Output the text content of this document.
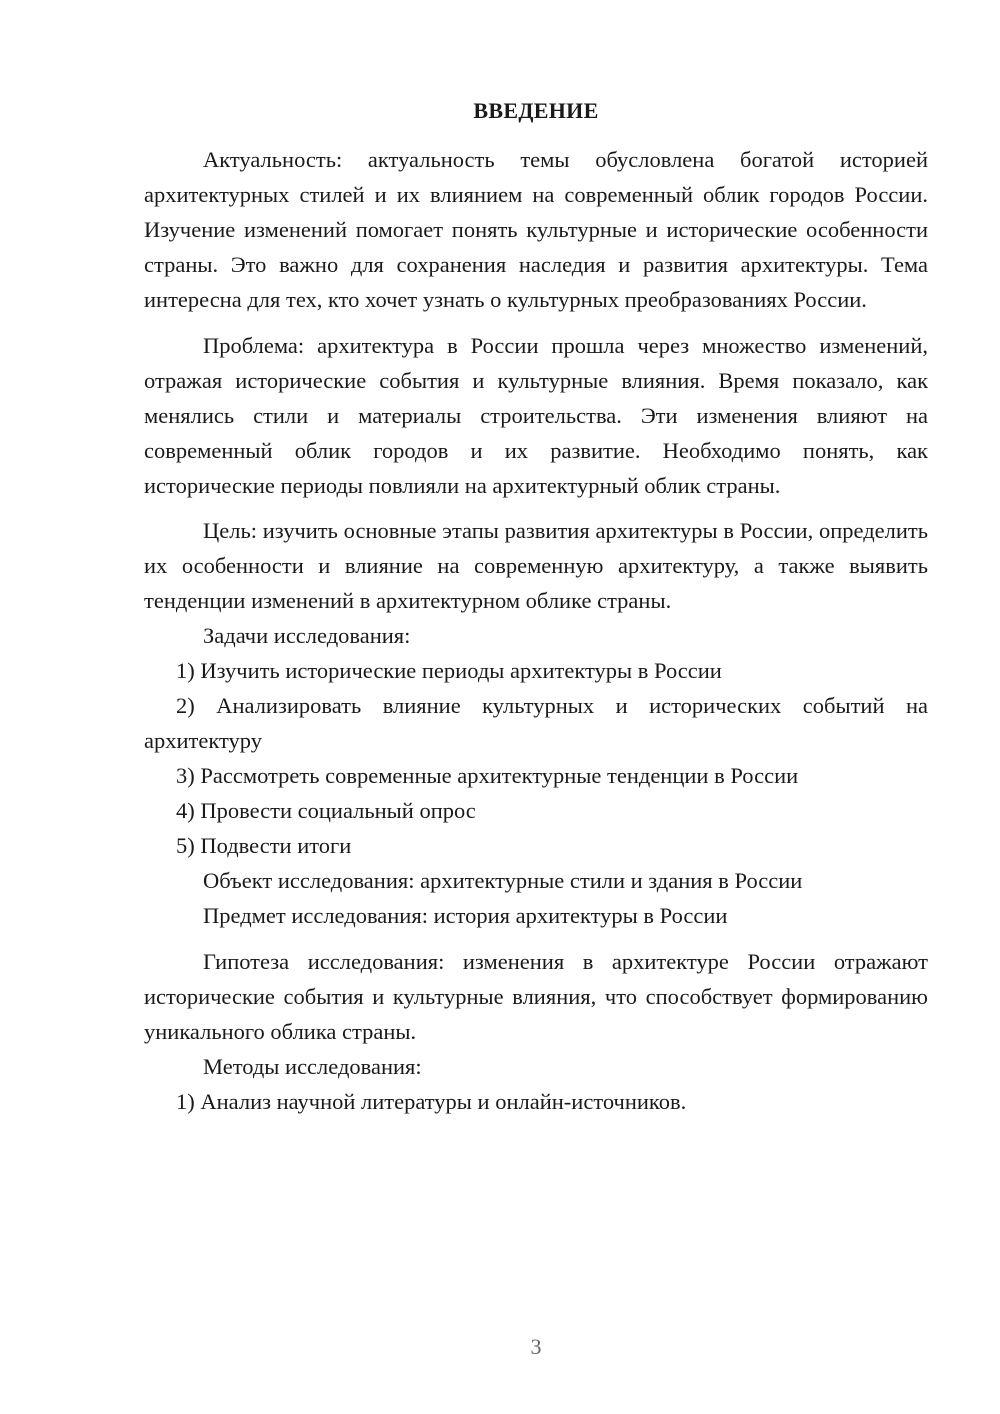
ВВЕДЕНИЕ

Актуальность: актуальность темы обусловлена богатой историей архитектурных стилей и их влиянием на современный облик городов России. Изучение изменений помогает понять культурные и исторические особенности страны. Это важно для сохранения наследия и развития архитектуры. Тема интересна для тех, кто хочет узнать о культурных преобразованиях России.

Проблема: архитектура в России прошла через множество изменений, отражая исторические события и культурные влияния. Время показало, как менялись стили и материалы строительства. Эти изменения влияют на современный облик городов и их развитие. Необходимо понять, как исторические периоды повлияли на архитектурный облик страны.

Цель: изучить основные этапы развития архитектуры в России, определить их особенности и влияние на современную архитектуру, а также выявить тенденции изменений в архитектурном облике страны.

Задачи исследования:

1) Изучить исторические периоды архитектуры в России

2) Анализировать влияние культурных и исторических событий на архитектуру

3) Рассмотреть современные архитектурные тенденции в России

4) Провести социальный опрос

5) Подвести итоги

Объект исследования: архитектурные стили и здания в России

Предмет исследования: история архитектуры в России

Гипотеза исследования: изменения в архитектуре России отражают исторические события и культурные влияния, что способствует формированию уникального облика страны.

Методы исследования:

1) Анализ научной литературы и онлайн-источников.

3
